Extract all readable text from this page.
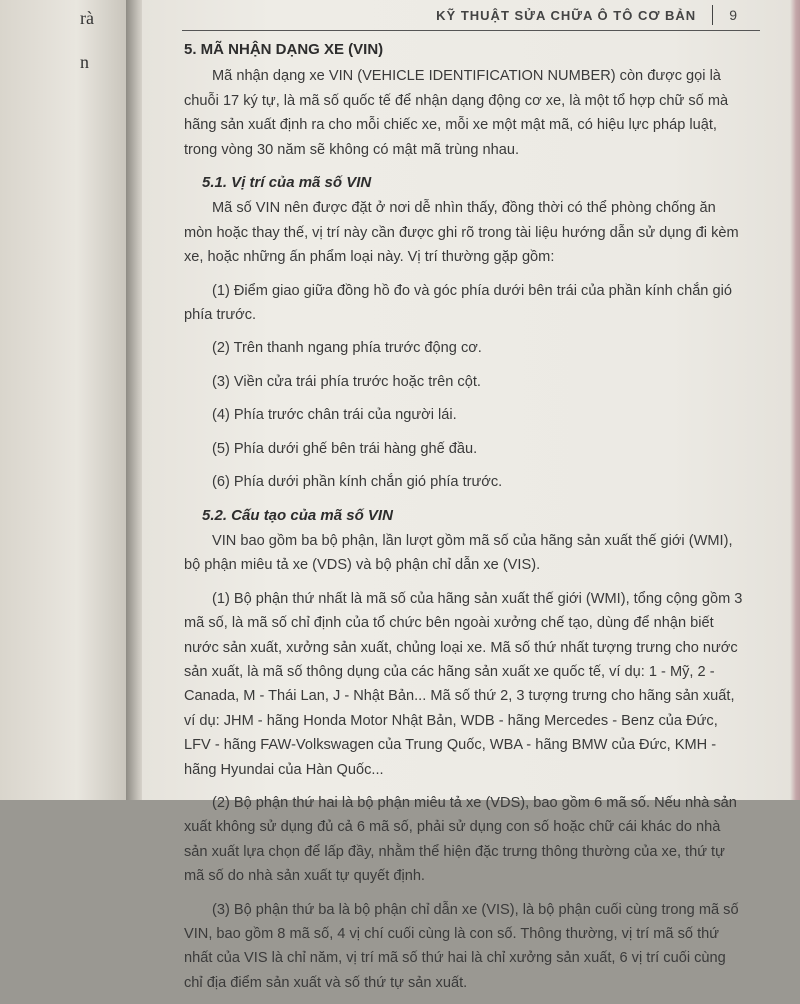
rà
n
KỸ THUẬT SỬA CHỮA Ô TÔ CƠ BẢN 9
5. MÃ NHẬN DẠNG XE (VIN)

Mã nhận dạng xe VIN (VEHICLE IDENTIFICATION NUMBER) còn được gọi là chuỗi 17 ký tự, là mã số quốc tế để nhận dạng động cơ xe, là một tổ hợp chữ số mà hãng sản xuất định ra cho mỗi chiếc xe, mỗi xe một mật mã, có hiệu lực pháp luật, trong vòng 30 năm sẽ không có mật mã trùng nhau.

5.1. Vị trí của mã số VIN

Mã số VIN nên được đặt ở nơi dễ nhìn thấy, đồng thời có thể phòng chống ăn mòn hoặc thay thế, vị trí này cần được ghi rõ trong tài liệu hướng dẫn sử dụng đi kèm xe, hoặc những ấn phẩm loại này. Vị trí thường gặp gồm:

(1) Điểm giao giữa đồng hồ đo và góc phía dưới bên trái của phần kính chắn gió phía trước.

(2) Trên thanh ngang phía trước động cơ.

(3) Viền cửa trái phía trước hoặc trên cột.

(4) Phía trước chân trái của người lái.

(5) Phía dưới ghế bên trái hàng ghế đầu.

(6) Phía dưới phần kính chắn gió phía trước.

5.2. Cấu tạo của mã số VIN

VIN bao gồm ba bộ phận, lần lượt gồm mã số của hãng sản xuất thế giới (WMI), bộ phận miêu tả xe (VDS) và bộ phận chỉ dẫn xe (VIS).

(1) Bộ phận thứ nhất là mã số của hãng sản xuất thế giới (WMI), tổng cộng gồm 3 mã số, là mã số chỉ định của tổ chức bên ngoài xưởng chế tạo, dùng để nhận biết nước sản xuất, xưởng sản xuất, chủng loại xe. Mã số thứ nhất tượng trưng cho nước sản xuất, là mã số thông dụng của các hãng sản xuất xe quốc tế, ví dụ: 1 - Mỹ, 2 - Canada, M - Thái Lan, J - Nhật Bản... Mã số thứ 2, 3 tượng trưng cho hãng sản xuất, ví dụ: JHM - hãng Honda Motor Nhật Bản, WDB - hãng Mercedes - Benz của Đức, LFV - hãng FAW-Volkswagen của Trung Quốc, WBA - hãng BMW của Đức, KMH - hãng Hyundai của Hàn Quốc...

(2) Bộ phận thứ hai là bộ phận miêu tả xe (VDS), bao gồm 6 mã số. Nếu nhà sản xuất không sử dụng đủ cả 6 mã số, phải sử dụng con số hoặc chữ cái khác do nhà sản xuất lựa chọn để lấp đầy, nhằm thể hiện đặc trưng thông thường của xe, thứ tự mã số do nhà sản xuất tự quyết định.

(3) Bộ phận thứ ba là bộ phận chỉ dẫn xe (VIS), là bộ phận cuối cùng trong mã số VIN, bao gồm 8 mã số, 4 vị chí cuối cùng là con số. Thông thường, vị trí mã số thứ nhất của VIS là chỉ năm, vị trí mã số thứ hai là chỉ xưởng sản xuất, 6 vị trí cuối cùng chỉ địa điểm sản xuất và số thứ tự sản xuất.
